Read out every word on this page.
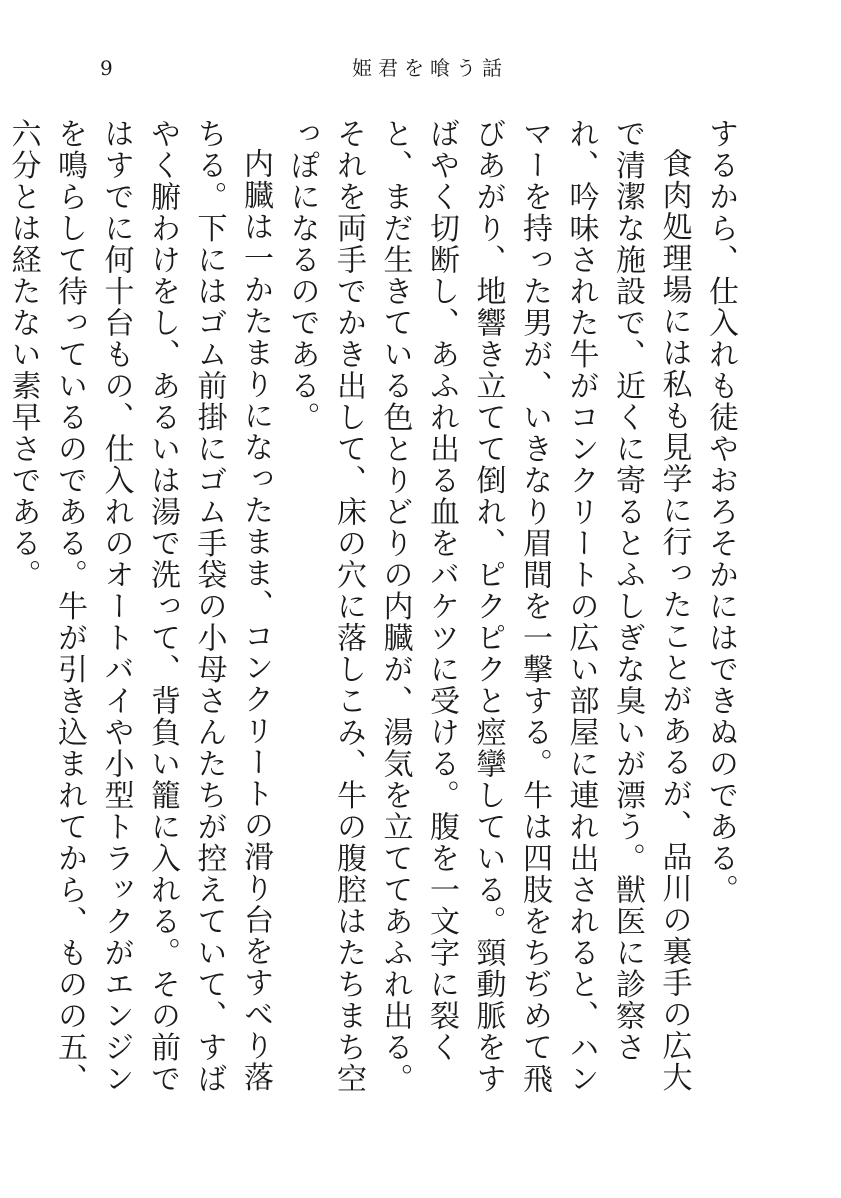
9	姫君を喰う話

するから、仕入れも徒やおろそかにはできぬのである。

食肉処理場には私も見学に行ったことがあるが、品川の裏手の広大で清潔な施設で、近くに寄るとふしぎな臭いが漂う。獣医に診察され、吟味された牛がコンクリートの広い部屋に連れ出されると、ハンマーを持った男が、いきなり眉間を一撃する。牛は四肢をちぢめて飛びあがり、地響き立てて倒れ、ピクピクと痙攣している。頸動脈をすばやく切断し、あふれ出る血をバケツに受ける。腹を一文字に裂くと、まだ生きている色とりどりの内臓が、湯気を立ててあふれ出る。それを両手でかき出して、床の穴に落しこみ、牛の腹腔はたちまち空っぽになるのである。

内臓は一かたまりになったまま、コンクリートの滑り台をすべり落ちる。下にはゴム前掛にゴム手袋の小母さんたちが控えていて、すばやく腑わけをし、あるいは湯で洗って、背負い籠に入れる。その前ではすでに何十台もの、仕入れのオートバイや小型トラックがエンジンを鳴らして待っているのである。牛が引き込まれてから、ものの五、六分とは経たない素早さである。
